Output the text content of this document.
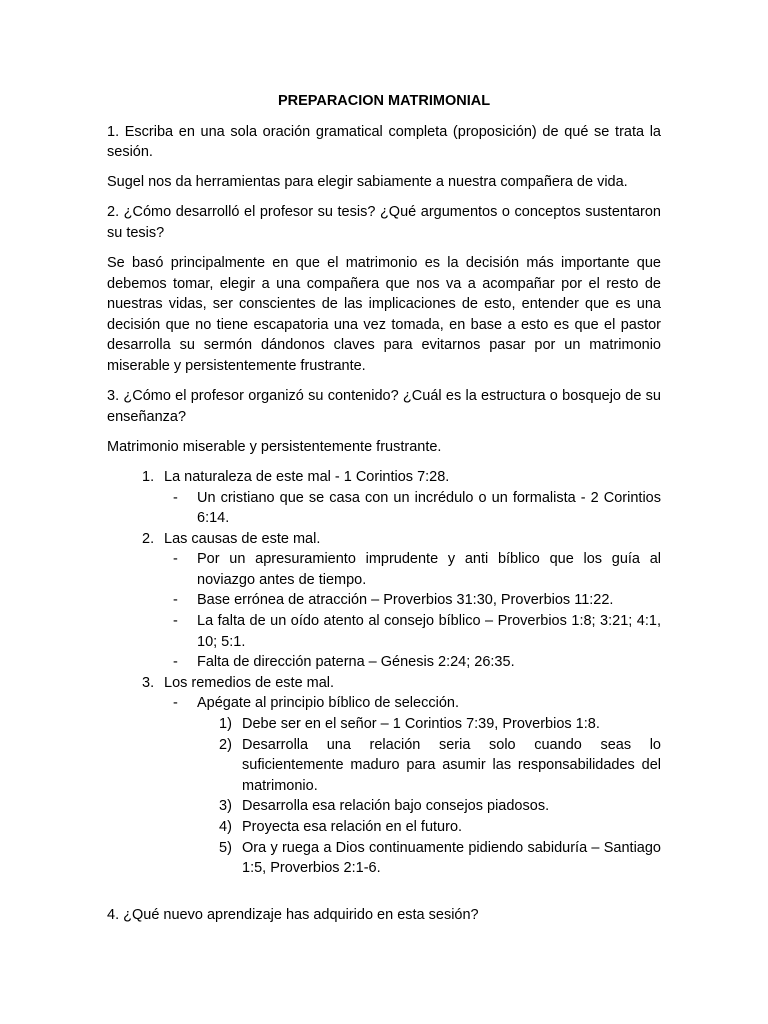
PREPARACION MATRIMONIAL

1. Escriba en una sola oración gramatical completa (proposición) de qué se trata la sesión.

Sugel nos da herramientas para elegir sabiamente a nuestra compañera de vida.

2. ¿Cómo desarrolló el profesor su tesis? ¿Qué argumentos o conceptos sustentaron su tesis?

Se basó principalmente en que el matrimonio es la decisión más importante que debemos tomar, elegir a una compañera que nos va a acompañar por el resto de nuestras vidas, ser conscientes de las implicaciones de esto, entender que es una decisión que no tiene escapatoria una vez tomada, en base a esto es que el pastor desarrolla su sermón dándonos claves para evitarnos pasar por un matrimonio miserable y persistentemente frustrante.

3. ¿Cómo el profesor organizó su contenido? ¿Cuál es la estructura o bosquejo de su enseñanza?

Matrimonio miserable y persistentemente frustrante.

1. La naturaleza de este mal - 1 Corintios 7:28.
- Un cristiano que se casa con un incrédulo o un formalista - 2 Corintios 6:14.
2. Las causas de este mal.
- Por un apresuramiento imprudente y anti bíblico que los guía al noviazgo antes de tiempo.
- Base errónea de atracción – Proverbios 31:30, Proverbios 11:22.
- La falta de un oído atento al consejo bíblico – Proverbios 1:8; 3:21; 4:1, 10; 5:1.
- Falta de dirección paterna – Génesis 2:24; 26:35.
3. Los remedios de este mal.
- Apégate al principio bíblico de selección.
1) Debe ser en el señor – 1 Corintios 7:39, Proverbios 1:8.
2) Desarrolla una relación seria solo cuando seas lo suficientemente maduro para asumir las responsabilidades del matrimonio.
3) Desarrolla esa relación bajo consejos piadosos.
4) Proyecta esa relación en el futuro.
5) Ora y ruega a Dios continuamente pidiendo sabiduría – Santiago 1:5, Proverbios 2:1-6.

4. ¿Qué nuevo aprendizaje has adquirido en esta sesión?
